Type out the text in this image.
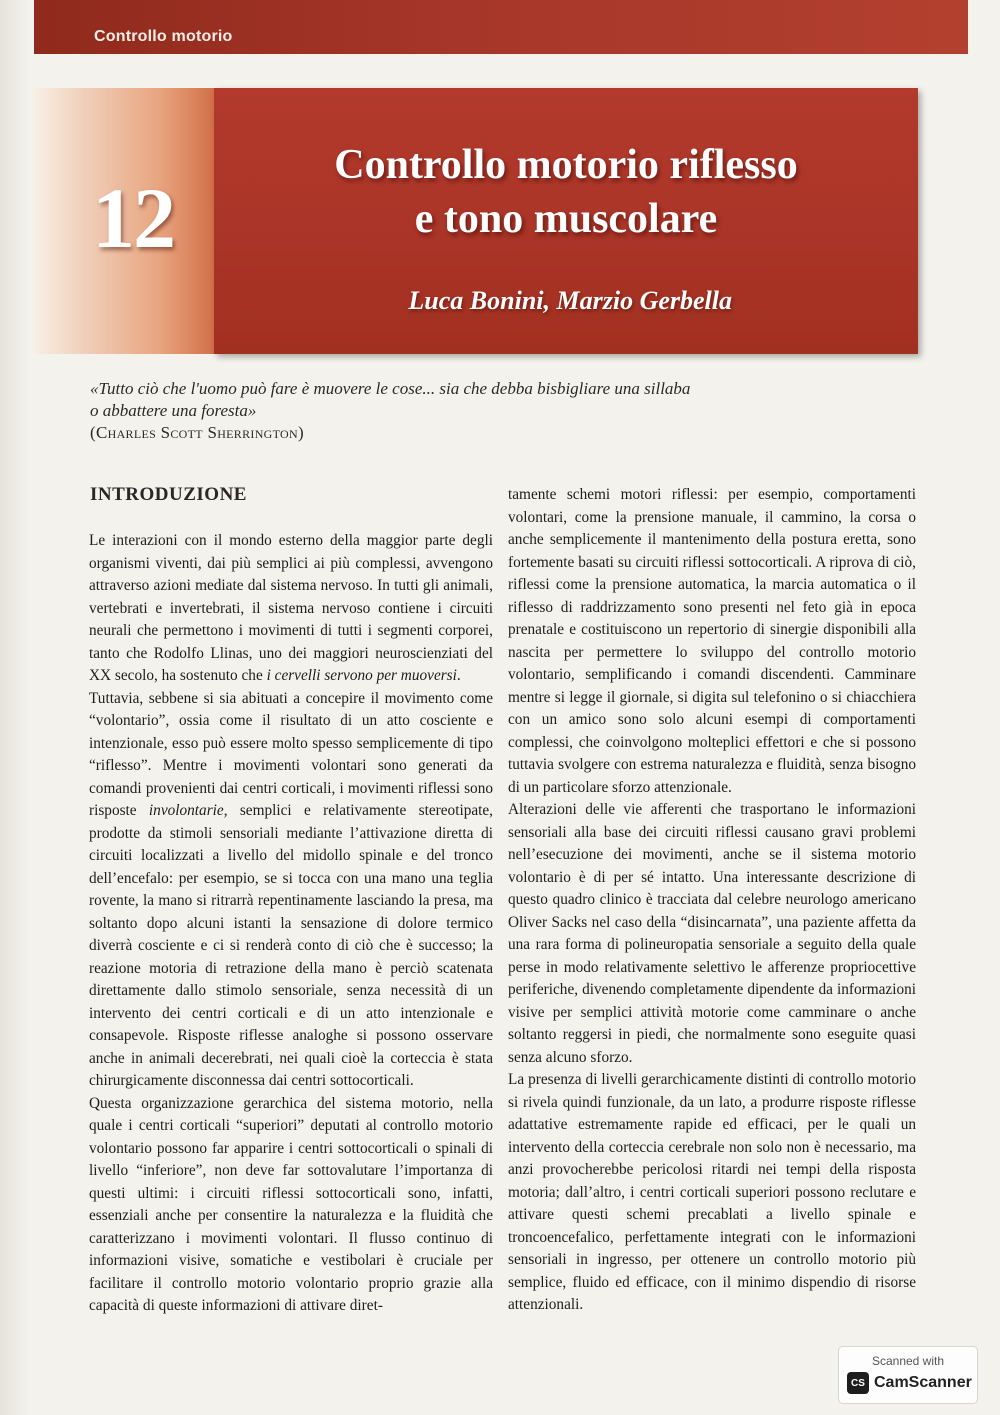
Controllo motorio
12
Controllo motorio riflesso
e tono muscolare
Luca Bonini, Marzio Gerbella
«Tutto ciò che l'uomo può fare è muovere le cose... sia che debba bisbigliare una sillaba
o abbattere una foresta»
(Charles Scott Sherrington)
INTRODUZIONE

Le interazioni con il mondo esterno della maggior parte degli organismi viventi, dai più semplici ai più complessi, avvengono attraverso azioni mediate dal sistema nervoso. In tutti gli animali, vertebrati e invertebrati, il sistema nervoso contiene i circuiti neurali che permettono i movimenti di tutti i segmenti corporei, tanto che Rodolfo Llinas, uno dei maggiori neuroscienziati del XX secolo, ha sostenuto che i cervelli servono per muoversi.

Tuttavia, sebbene si sia abituati a concepire il movimento come “volontario”, ossia come il risultato di un atto cosciente e intenzionale, esso può essere molto spesso semplicemente di tipo “riflesso”. Mentre i movimenti volontari sono generati da comandi provenienti dai centri corticali, i movimenti riflessi sono risposte involontarie, semplici e relativamente stereotipate, prodotte da stimoli sensoriali mediante l’attivazione diretta di circuiti localizzati a livello del midollo spinale e del tronco dell’encefalo: per esempio, se si tocca con una mano una teglia rovente, la mano si ritrarrà repentinamente lasciando la presa, ma soltanto dopo alcuni istanti la sensazione di dolore termico diverrà cosciente e ci si renderà conto di ciò che è successo; la reazione motoria di retrazione della mano è perciò scatenata direttamente dallo stimolo sensoriale, senza necessità di un intervento dei centri corticali e di un atto intenzionale e consapevole. Risposte riflesse analoghe si possono osservare anche in animali decerebrati, nei quali cioè la corteccia è stata chirurgicamente disconnessa dai centri sottocorticali.

Questa organizzazione gerarchica del sistema motorio, nella quale i centri corticali “superiori” deputati al controllo motorio volontario possono far apparire i centri sottocorticali o spinali di livello “inferiore”, non deve far sottovalutare l’importanza di questi ultimi: i circuiti riflessi sottocorticali sono, infatti, essenziali anche per consentire la naturalezza e la fluidità che caratterizzano i movimenti volontari. Il flusso continuo di informazioni visive, somatiche e vestibolari è cruciale per facilitare il controllo motorio volontario proprio grazie alla capacità di queste informazioni di attivare diret-

tamente schemi motori riflessi: per esempio, comportamenti volontari, come la prensione manuale, il cammino, la corsa o anche semplicemente il mantenimento della postura eretta, sono fortemente basati su circuiti riflessi sottocorticali. A riprova di ciò, riflessi come la prensione automatica, la marcia automatica o il riflesso di raddrizzamento sono presenti nel feto già in epoca prenatale e costituiscono un repertorio di sinergie disponibili alla nascita per permettere lo sviluppo del controllo motorio volontario, semplificando i comandi discendenti. Camminare mentre si legge il giornale, si digita sul telefonino o si chiacchiera con un amico sono solo alcuni esempi di comportamenti complessi, che coinvolgono molteplici effettori e che si possono tuttavia svolgere con estrema naturalezza e fluidità, senza bisogno di un particolare sforzo attenzionale.

Alterazioni delle vie afferenti che trasportano le informazioni sensoriali alla base dei circuiti riflessi causano gravi problemi nell’esecuzione dei movimenti, anche se il sistema motorio volontario è di per sé intatto. Una interessante descrizione di questo quadro clinico è tracciata dal celebre neurologo americano Oliver Sacks nel caso della “disincarnata”, una paziente affetta da una rara forma di polineuropatia sensoriale a seguito della quale perse in modo relativamente selettivo le afferenze propriocettive periferiche, divenendo completamente dipendente da informazioni visive per semplici attività motorie come camminare o anche soltanto reggersi in piedi, che normalmente sono eseguite quasi senza alcuno sforzo.

La presenza di livelli gerarchicamente distinti di controllo motorio si rivela quindi funzionale, da un lato, a produrre risposte riflesse adattative estremamente rapide ed efficaci, per le quali un intervento della corteccia cerebrale non solo non è necessario, ma anzi provocherebbe pericolosi ritardi nei tempi della risposta motoria; dall’altro, i centri corticali superiori possono reclutare e attivare questi schemi precablati a livello spinale e troncoencefalico, perfettamente integrati con le informazioni sensoriali in ingresso, per ottenere un controllo motorio più semplice, fluido ed efficace, con il minimo dispendio di risorse attenzionali.

Scanned with
CS CamScanner
